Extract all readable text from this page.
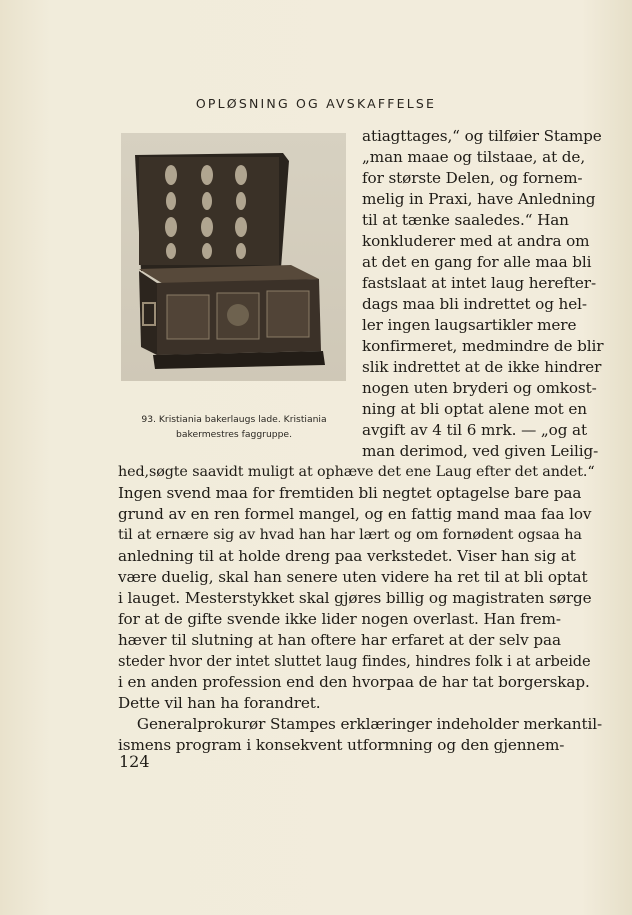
OPLØSNING OG AVSKAFFELSE
93. Kristiania bakerlaugs lade. Kristiania
bakermestres faggruppe.
atiagttages,“ og tilføier Stampe
„man maae og tilstaae, at de,
for største Delen, og fornem-
melig in Praxi, have Anledning
til at tænke saaledes.“ Han
konkluderer med at andra om
at det en gang for alle maa bli
fastslaat at intet laug herefter-
dags maa bli indrettet og hel-
ler ingen laugsartikler mere
konfirmeret, medmindre de blir
slik indrettet at de ikke hindrer
nogen uten bryderi og omkost-
ning at bli optat alene mot en
avgift av 4 til 6 mrk. — „og at
man derimod, ved given Leilig-
hed,søgte saavidt muligt at ophæve det ene Laug efter det andet.“
Ingen svend maa for fremtiden bli negtet optagelse bare paa
grund av en ren formel mangel, og en fattig mand maa faa lov
til at ernære sig av hvad han har lært og om fornødent ogsaa ha
anledning til at holde dreng paa verkstedet. Viser han sig at
være duelig, skal han senere uten videre ha ret til at bli optat
i lauget. Mesterstykket skal gjøres billig og magistraten sørge
for at de gifte svende ikke lider nogen overlast. Han frem-
hæver til slutning at han oftere har erfaret at der selv paa
steder hvor der intet sluttet laug findes, hindres folk i at arbeide
i en anden profession end den hvorpaa de har tat borgerskap.
Dette vil han ha forandret.
Generalprokurør Stampes erklæringer indeholder merkantil-
ismens program i konsekvent utformning og den gjennem-
124
